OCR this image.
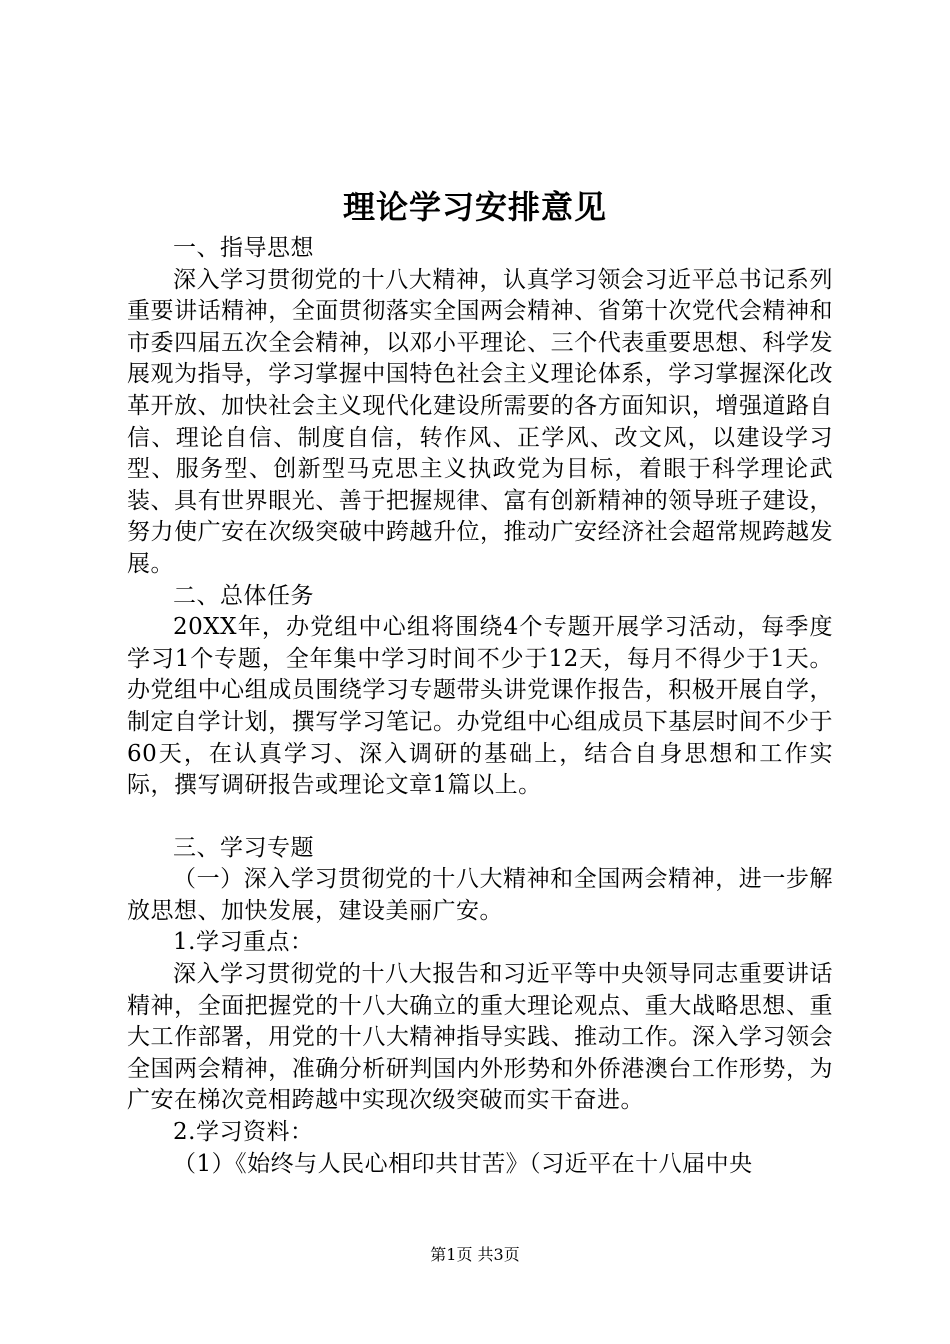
理论学习安排意见

一、指导思想

深入学习贯彻党的十八大精神，认真学习领会习近平总书记系列重要讲话精神，全面贯彻落实全国两会精神、省第十次党代会精神和市委四届五次全会精神，以邓小平理论、三个代表重要思想、科学发展观为指导，学习掌握中国特色社会主义理论体系，学习掌握深化改革开放、加快社会主义现代化建设所需要的各方面知识，增强道路自信、理论自信、制度自信，转作风、正学风、改文风，以建设学习型、服务型、创新型马克思主义执政党为目标，着眼于科学理论武装、具有世界眼光、善于把握规律、富有创新精神的领导班子建设，努力使广安在次级突破中跨越升位，推动广安经济社会超常规跨越发展。

二、总体任务

20XX年，办党组中心组将围绕4个专题开展学习活动，每季度学习1个专题，全年集中学习时间不少于12天，每月不得少于1天。办党组中心组成员围绕学习专题带头讲党课作报告，积极开展自学，制定自学计划，撰写学习笔记。办党组中心组成员下基层时间不少于60天，在认真学习、深入调研的基础上，结合自身思想和工作实际，撰写调研报告或理论文章1篇以上。

三、学习专题

（一）深入学习贯彻党的十八大精神和全国两会精神，进一步解放思想、加快发展，建设美丽广安。

1.学习重点：

深入学习贯彻党的十八大报告和习近平等中央领导同志重要讲话精神，全面把握党的十八大确立的重大理论观点、重大战略思想、重大工作部署，用党的十八大精神指导实践、推动工作。深入学习领会全国两会精神，准确分析研判国内外形势和外侨港澳台工作形势，为广安在梯次竞相跨越中实现次级突破而实干奋进。

2.学习资料：

（1）《始终与人民心相印共甘苦》（习近平在十八届中央

第1页 共3页
